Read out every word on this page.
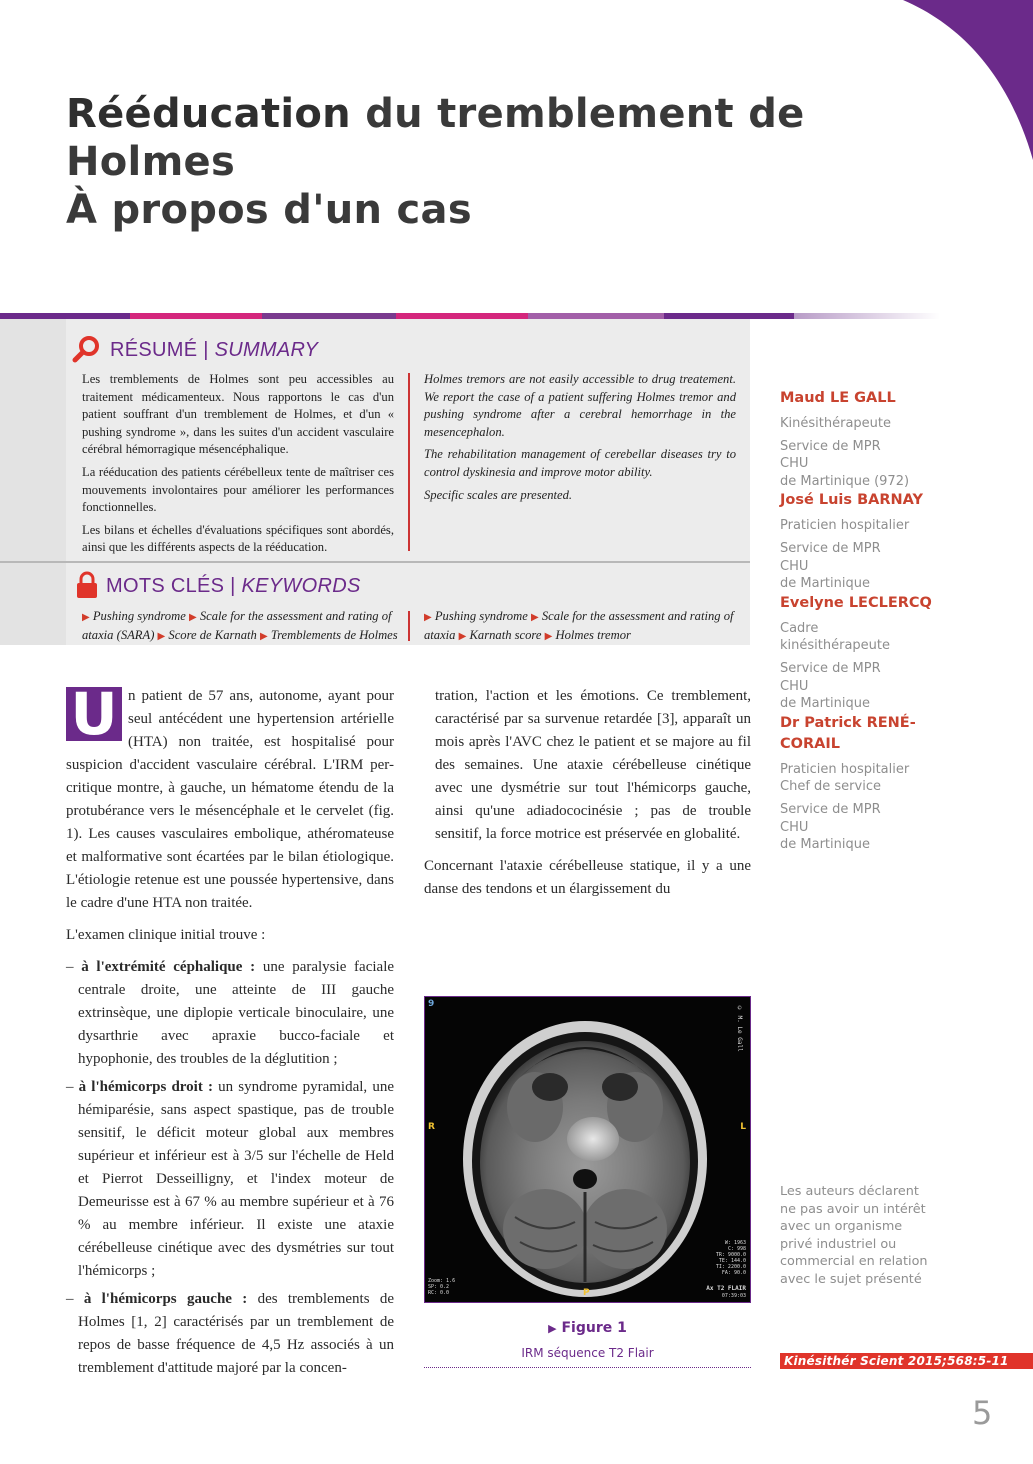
Rééducation du tremblement de Holmes
À propos d'un cas
RÉSUMÉ | SUMMARY

Les tremblements de Holmes sont peu accessibles au traitement médicamenteux. Nous rapportons le cas d'un patient souffrant d'un tremblement de Holmes, et d'un « pushing syndrome », dans les suites d'un accident vasculaire cérébral hémorragique mésencéphalique.

La rééducation des patients cérébelleux tente de maîtriser ces mouvements involontaires pour améliorer les performances fonctionnelles.

Les bilans et échelles d'évaluations spécifiques sont abordés, ainsi que les différents aspects de la rééducation.

Holmes tremors are not easily accessible to drug treatement. We report the case of a patient suffering Holmes tremor and pushing syndrome after a cerebral hemorrhage in the mesencephalon.

The rehabilitation management of cerebellar diseases try to control dyskinesia and improve motor ability.

Specific scales are presented.

MOTS CLÉS | KEYWORDS
▶ Pushing syndrome ▶ Scale for the assessment and rating of ataxia (SARA) ▶ Score de Karnath ▶ Tremblements de Holmes
▶ Pushing syndrome ▶ Scale for the assessment and rating of ataxia ▶ Karnath score ▶ Holmes tremor
Maud LE GALL
Kinésithérapeute
Service de MPR
CHU
de Martinique (972)
José Luis BARNAY
Praticien hospitalier
Service de MPR
CHU
de Martinique
Evelyne LECLERCQ
Cadre
kinésithérapeute
Service de MPR
CHU
de Martinique
Dr Patrick RENÉ-CORAIL
Praticien hospitalier
Chef de service
Service de MPR
CHU
de Martinique
U n patient de 57 ans, autonome, ayant pour seul antécédent une hypertension artérielle (HTA) non traitée, est hospitalisé pour suspicion d'accident vasculaire cérébral. L'IRM per-critique montre, à gauche, un hématome étendu de la protubérance vers le mésencéphale et le cervelet (fig. 1). Les causes vasculaires embolique, athéromateuse et malformative sont écartées par le bilan étiologique. L'étiologie retenue est une poussée hypertensive, dans le cadre d'une HTA non traitée.

L'examen clinique initial trouve :

– à l'extrémité céphalique : une paralysie faciale centrale droite, une atteinte de III gauche extrinsèque, une diplopie verticale binoculaire, une dysarthrie avec apraxie bucco-faciale et hypophonie, des troubles de la déglutition ;
– à l'hémicorps droit : un syndrome pyramidal, une hémiparésie, sans aspect spastique, pas de trouble sensitif, le déficit moteur global aux membres supérieur et inférieur est à 3/5 sur l'échelle de Held et Pierrot Desseilligny, et l'index moteur de Demeurisse est à 67 % au membre supérieur et à 76 % au membre inférieur. Il existe une ataxie cérébelleuse cinétique avec des dysmétries sur tout l'hémicorps ;
– à l'hémicorps gauche : des tremblements de Holmes [1, 2] caractérisés par un tremblement de repos de basse fréquence de 4,5 Hz associés à un tremblement d'attitude majoré par la concen-

tration, l'action et les émotions. Ce tremblement, caractérisé par sa survenue retardée [3], apparaît un mois après l'AVC chez le patient et se majore au fil des semaines. Une ataxie cérébelleuse cinétique avec une dysmétrie sur tout l'hémicorps gauche, ainsi qu'une adiadococinésie ; pas de trouble sensitif, la force motrice est préservée en globalité.

Concernant l'ataxie cérébelleuse statique, il y a une danse des tendons et un élargissement du

9
R	L
P
© M. Le Gall
Zoom: 1.6
SP: 0.2
RC: 0.0
W: 1963
C: 998
TR: 9000.0
TE: 144.0
TI: 2200.0
FA: 90.0
Ax T2 FLAIR
07:39:03
▶ Figure 1
IRM séquence T2 Flair
Les auteurs déclarent ne pas avoir un intérêt avec un organisme privé industriel ou commercial en relation avec le sujet présenté
Kinésithér Scient 2015;568:5-11
5
